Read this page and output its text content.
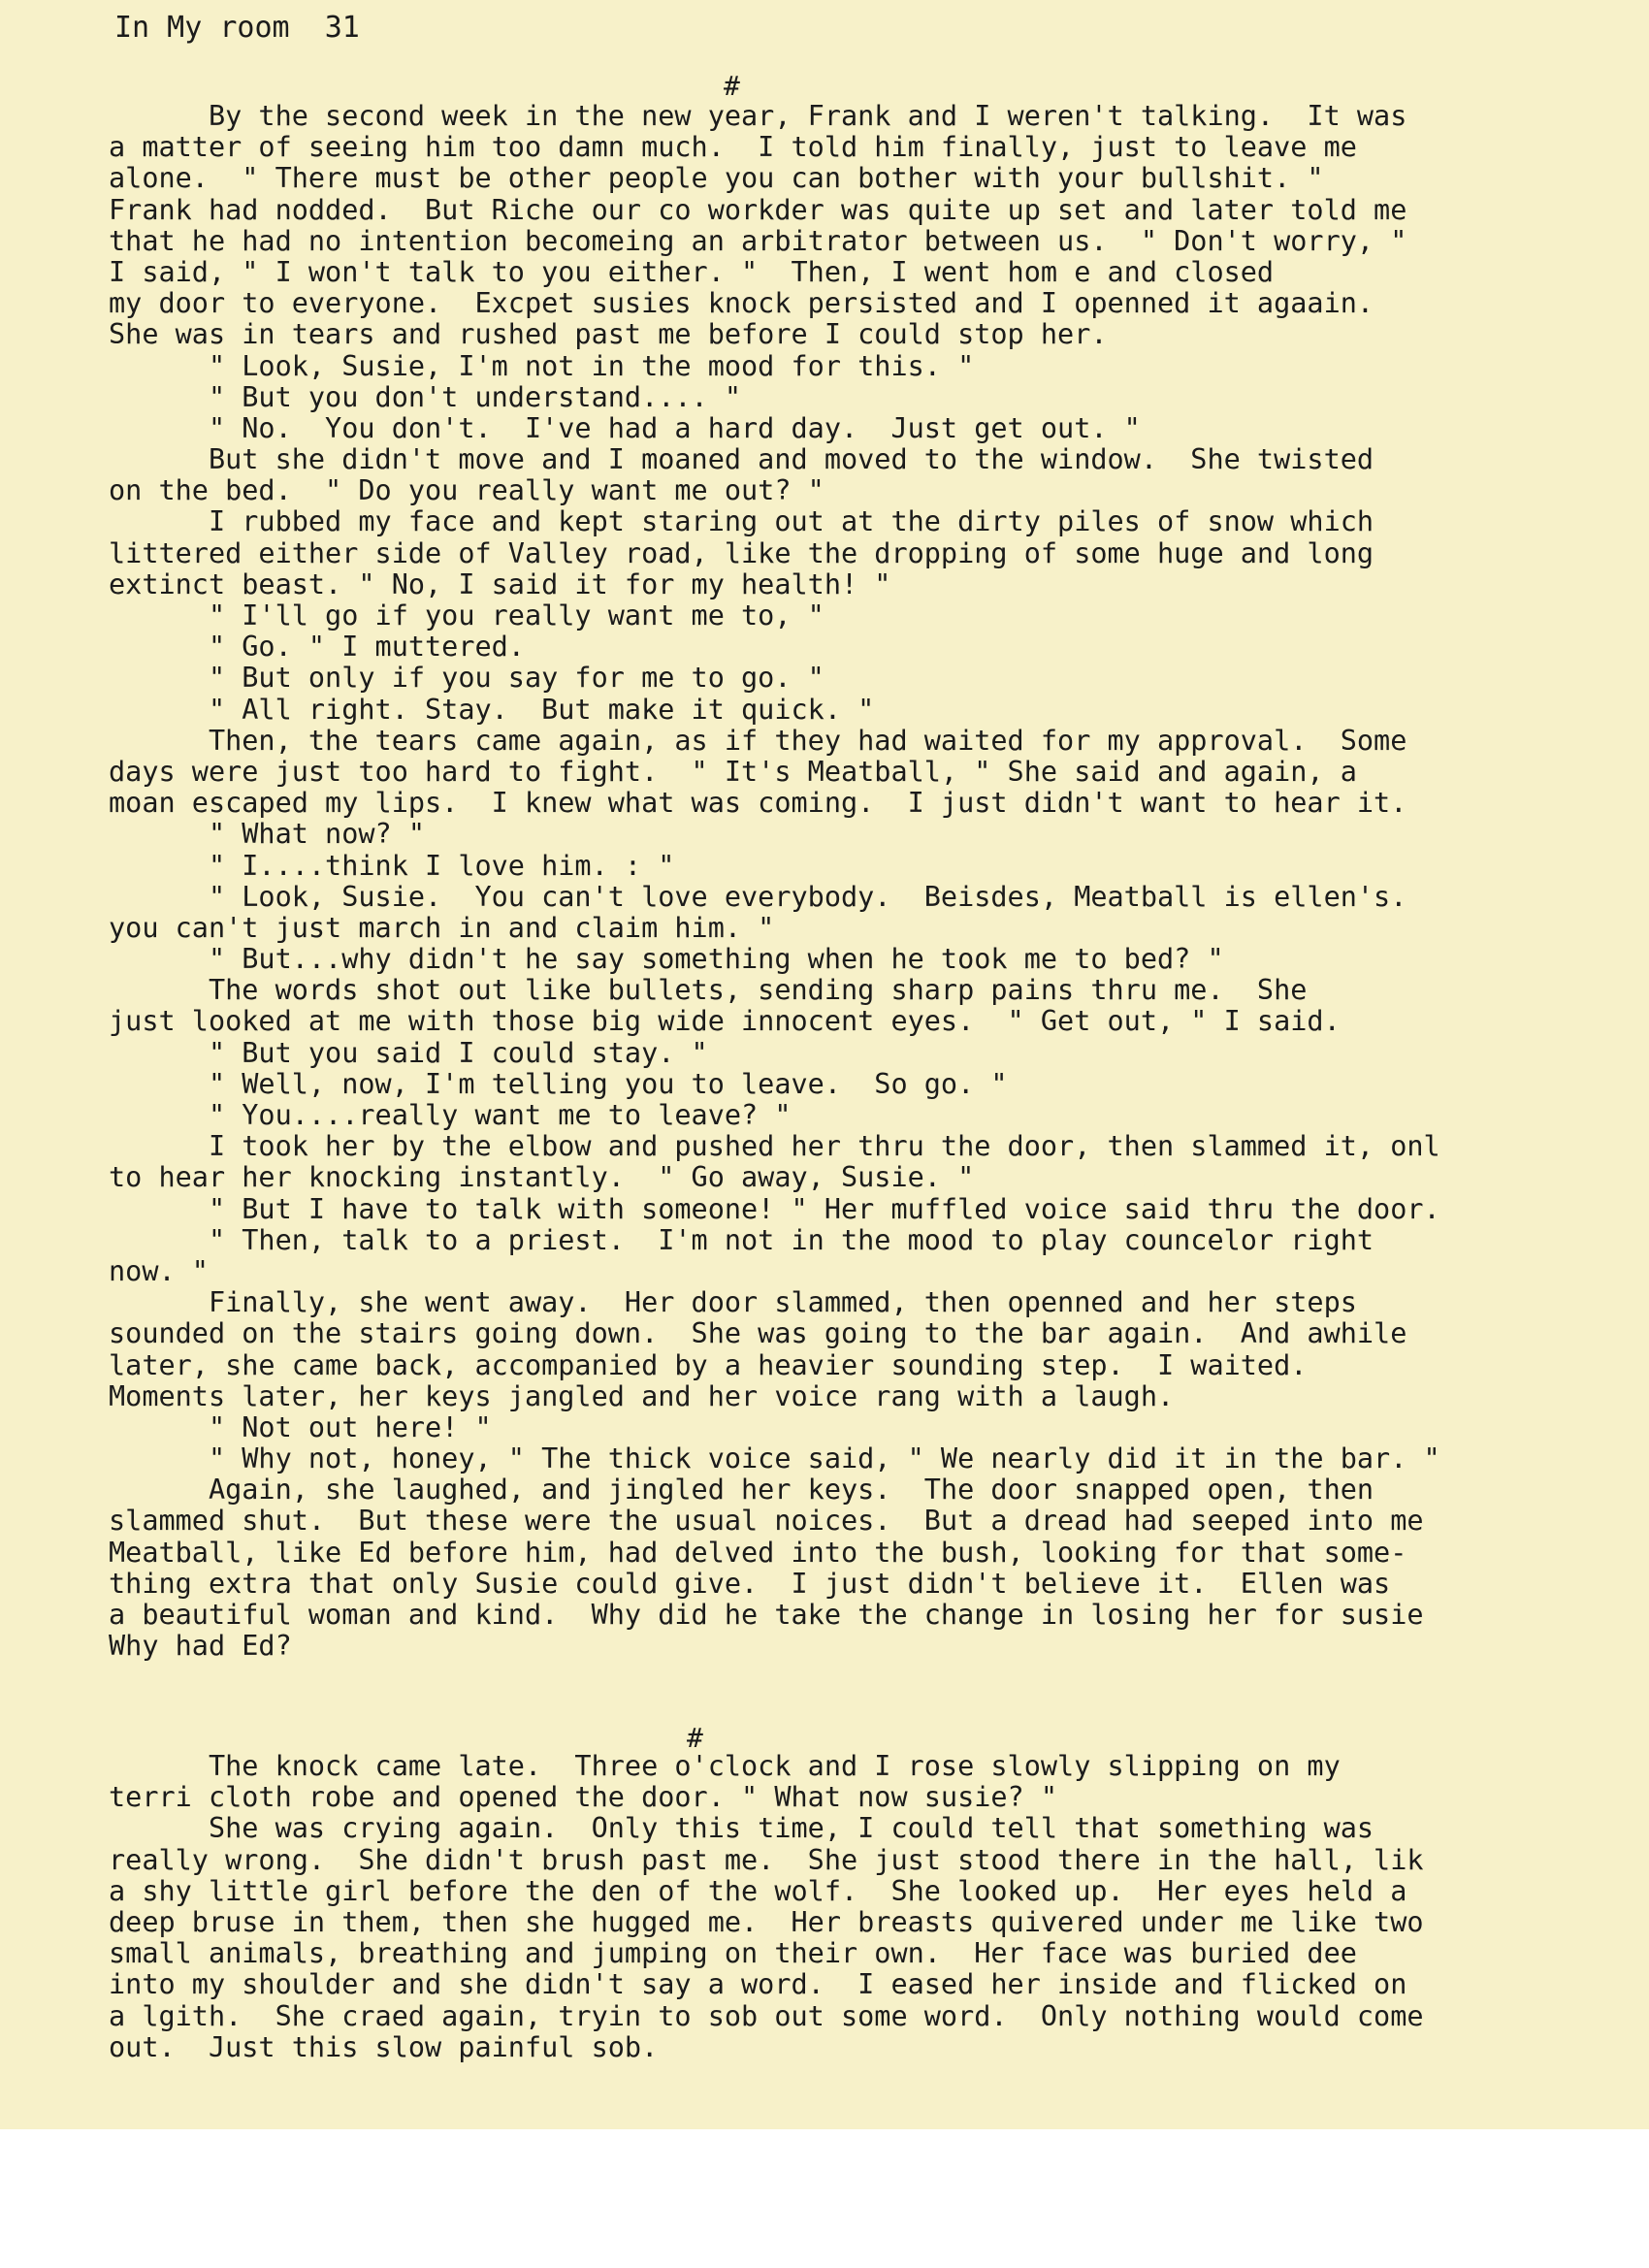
In My room  31
#
By the second week in the new year, Frank and I weren't talking.  It was
a matter of seeing him too damn much.  I told him finally, just to leave me
alone.  " There must be other people you can bother with your bullshit. "
Frank had nodded.  But Riche our co workder was quite up set and later told me
that he had no intention becomeing an arbitrator between us.  " Don't worry, "
I said, " I won't talk to you either. "  Then, I went hom e and closed
my door to everyone.  Excpet susies knock persisted and I openned it agaain.
She was in tears and rushed past me before I could stop her.
" Look, Susie, I'm not in the mood for this. "
" But you don't understand.... "
" No.  You don't.  I've had a hard day.  Just get out. "
But she didn't move and I moaned and moved to the window.  She twisted
on the bed.  " Do you really want me out? "
I rubbed my face and kept staring out at the dirty piles of snow which
littered either side of Valley road, like the dropping of some huge and long
extinct beast. " No, I said it for my health! "
" I'll go if you really want me to, "
" Go. " I muttered.
" But only if you say for me to go. "
" All right. Stay.  But make it quick. "
Then, the tears came again, as if they had waited for my approval.  Some
days were just too hard to fight.  " It's Meatball, " She said and again, a
moan escaped my lips.  I knew what was coming.  I just didn't want to hear it.
" What now? "
" I....think I love him. : "
" Look, Susie.  You can't love everybody.  Beisdes, Meatball is ellen's.
you can't just march in and claim him. "
" But...why didn't he say something when he took me to bed? "
The words shot out like bullets, sending sharp pains thru me.  She
just looked at me with those big wide innocent eyes.  " Get out, " I said.
" But you said I could stay. "
" Well, now, I'm telling you to leave.  So go. "
" You....really want me to leave? "
I took her by the elbow and pushed her thru the door, then slammed it, onl
to hear her knocking instantly.  " Go away, Susie. "
" But I have to talk with someone! " Her muffled voice said thru the door.
" Then, talk to a priest.  I'm not in the mood to play councelor right
now. "
Finally, she went away.  Her door slammed, then openned and her steps
sounded on the stairs going down.  She was going to the bar again.  And awhile
later, she came back, accompanied by a heavier sounding step.  I waited.
Moments later, her keys jangled and her voice rang with a laugh.
" Not out here! "
" Why not, honey, " The thick voice said, " We nearly did it in the bar. "
Again, she laughed, and jingled her keys.  The door snapped open, then
slammed shut.  But these were the usual noices.  But a dread had seeped into me
Meatball, like Ed before him, had delved into the bush, looking for that some-
thing extra that only Susie could give.  I just didn't believe it.  Ellen was
a beautiful woman and kind.  Why did he take the change in losing her for susie
Why had Ed?
#
The knock came late.  Three o'clock and I rose slowly slipping on my
terri cloth robe and opened the door. " What now susie? "
She was crying again.  Only this time, I could tell that something was
really wrong.  She didn't brush past me.  She just stood there in the hall, lik
a shy little girl before the den of the wolf.  She looked up.  Her eyes held a
deep bruse in them, then she hugged me.  Her breasts quivered under me like two
small animals, breathing and jumping on their own.  Her face was buried dee
into my shoulder and she didn't say a word.  I eased her inside and flicked on
a lgith.  She craed again, tryin to sob out some word.  Only nothing would come
out.  Just this slow painful sob.
